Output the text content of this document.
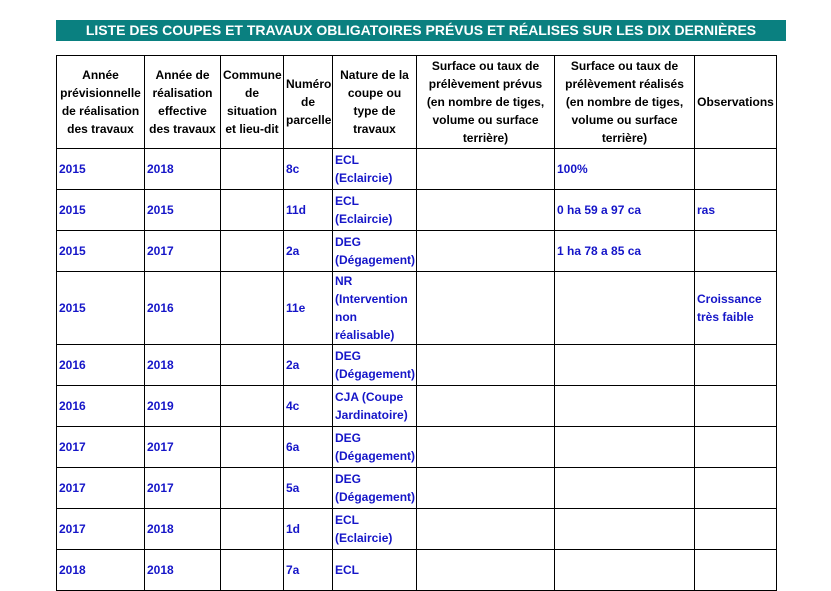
LISTE DES COUPES ET TRAVAUX OBLIGATOIRES PRÉVUS ET RÉALISES SUR LES DIX DERNIÈRES
Année prévisionnelle de réalisation des travaux	Année de réalisation effective des travaux	Commune de situation et lieu-dit	Numéro de parcelle	Nature de la coupe ou type de travaux	Surface ou taux de prélèvement prévus (en nombre de tiges, volume ou surface terrière)	Surface ou taux de prélèvement réalisés (en nombre de tiges, volume ou surface terrière)	Observations
2015	2018		8c	ECL (Eclaircie)		100%	
2015	2015		11d	ECL (Eclaircie)		0 ha 59 a 97 ca	ras
2015	2017		2a	DEG (Dégagement)		1 ha 78 a 85 ca	
2015	2016		11e	NR (Intervention non réalisable)			Croissance très faible
2016	2018		2a	DEG (Dégagement)			
2016	2019		4c	CJA (Coupe Jardinatoire)			
2017	2017		6a	DEG (Dégagement)			
2017	2017		5a	DEG (Dégagement)			
2017	2018		1d	ECL (Eclaircie)			
2018	2018		7a	ECL			
